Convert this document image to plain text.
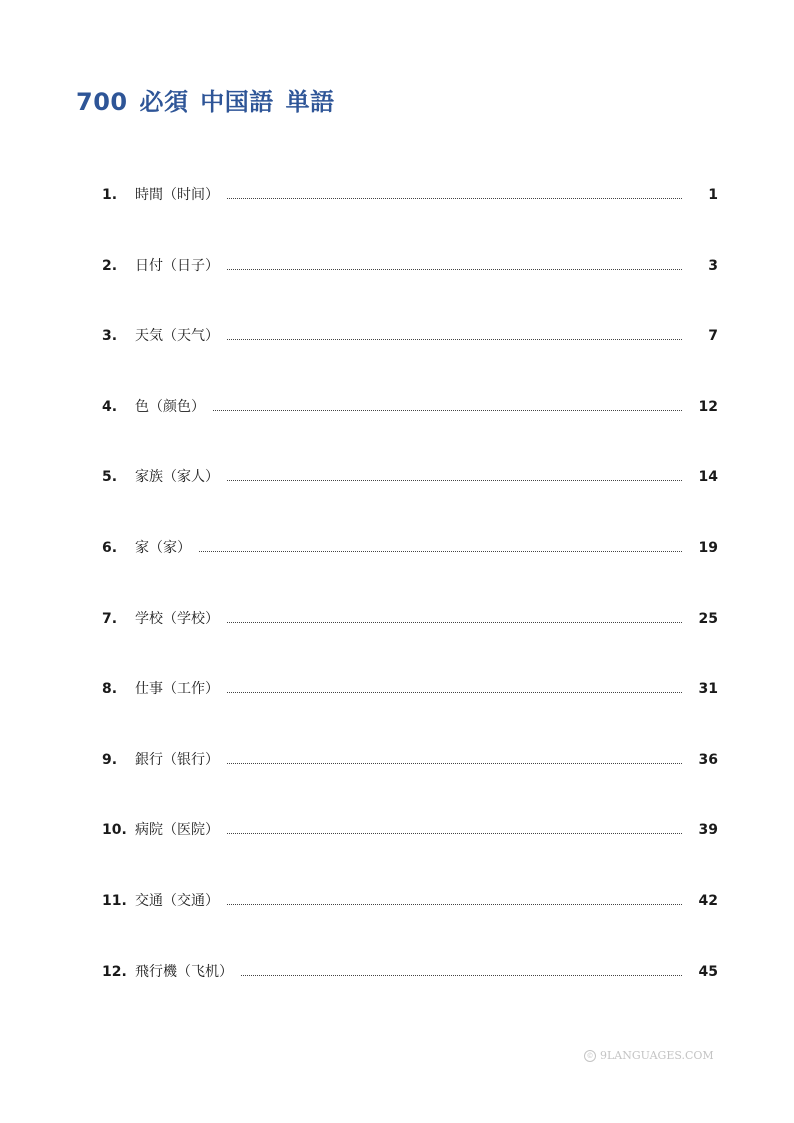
700 必須 中国語 単語
1.	時間（时间）	1
2.	日付（日子）	3
3.	天気（天气）	7
4.	色（颜色）	12
5.	家族（家人）	14
6.	家（家）	19
7.	学校（学校）	25
8.	仕事（工作）	31
9.	銀行（银行）	36
10. 病院（医院）	39
11. 交通（交通）	42
12. 飛行機（飞机）	45
© 9LANGUAGES.COM
